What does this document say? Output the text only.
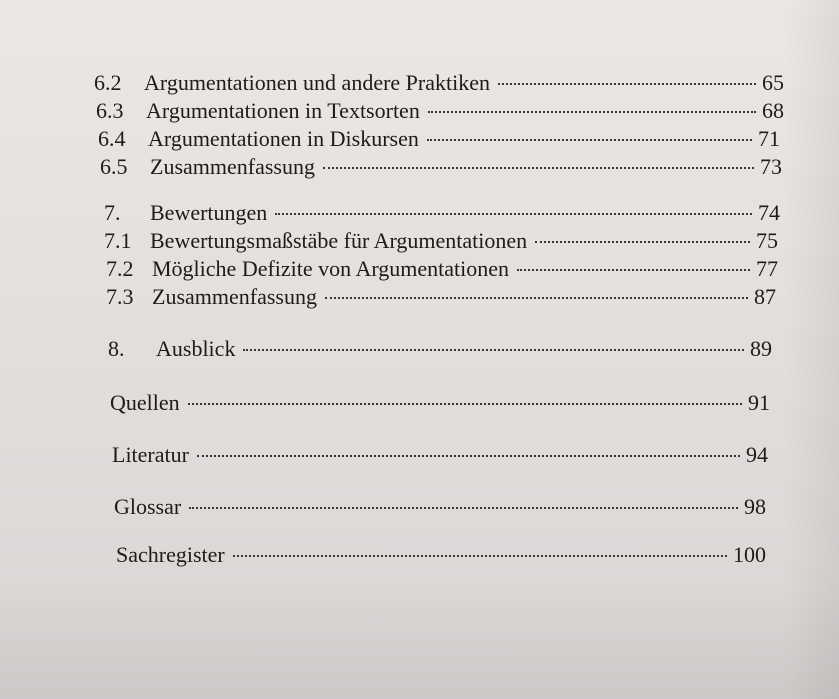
6.2	Argumentationen und andere Praktiken	65
6.3	Argumentationen in Textsorten	68
6.4	Argumentationen in Diskursen	71
6.5	Zusammenfassung	73
7.	Bewertungen	74
7.1 Bewertungsmaßstäbe für Argumentationen	75
7.2 Mögliche Defizite von Argumentationen	77
7.3 Zusammenfassung	87
8.	Ausblick	89
Quellen	91
Literatur	94
Glossar	98
Sachregister	100
